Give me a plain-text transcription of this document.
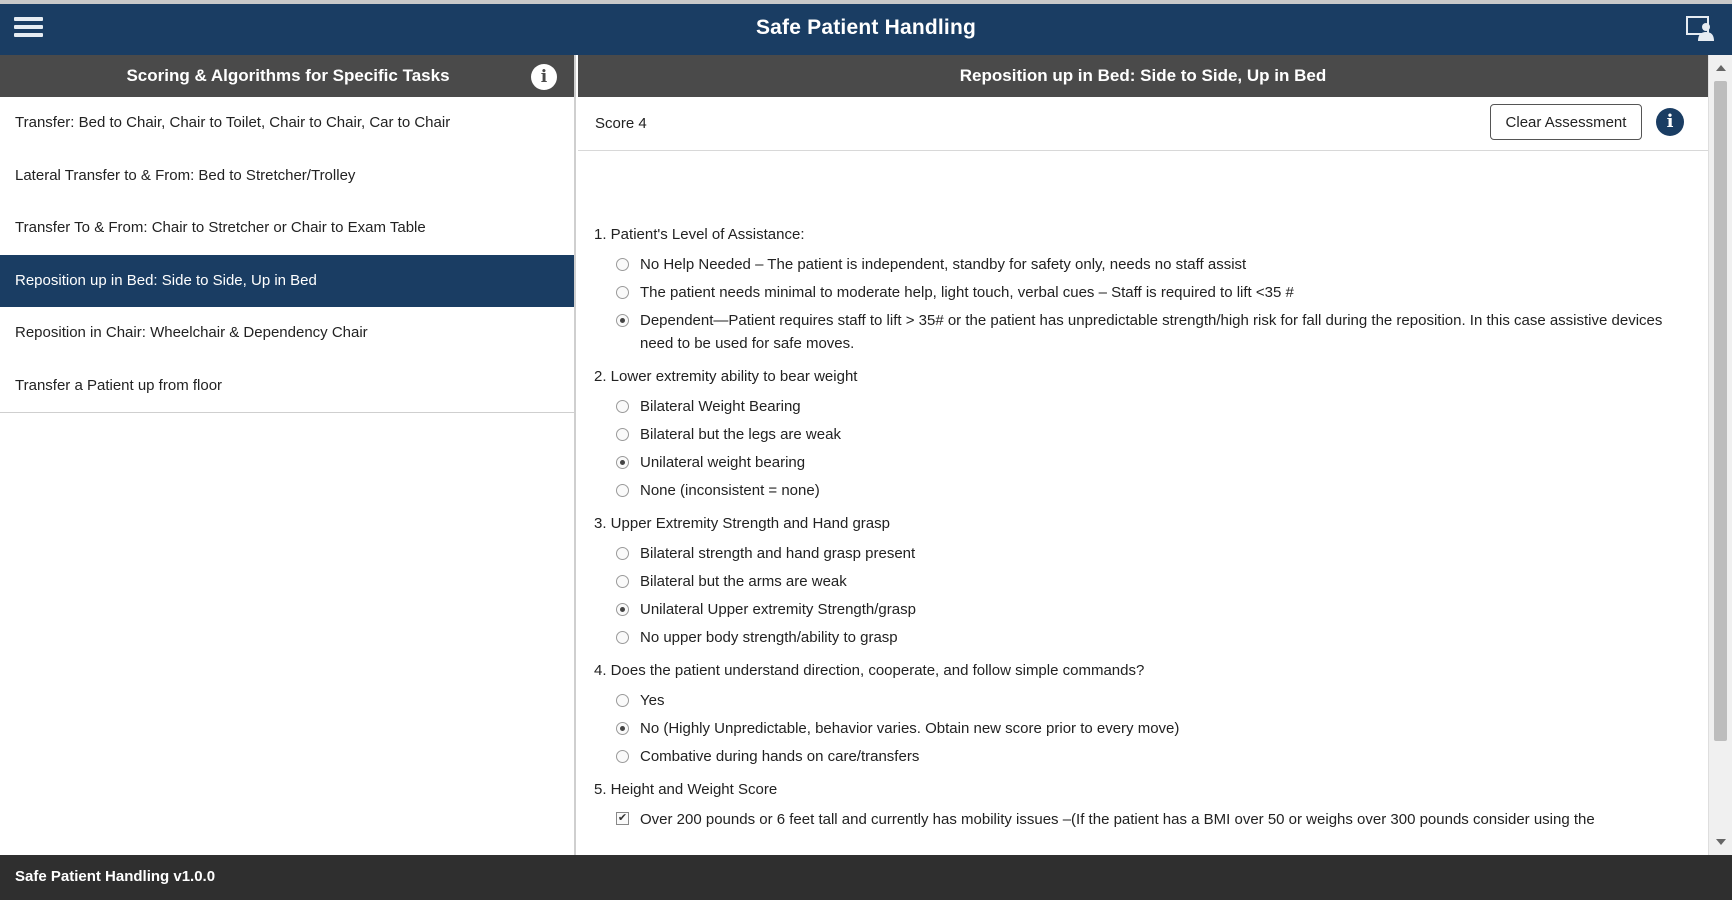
Safe Patient Handling
Scoring & Algorithms for Specific Tasks	i
Transfer: Bed to Chair, Chair to Toilet, Chair to Chair, Car to Chair
Lateral Transfer to & From: Bed to Stretcher/Trolley
Transfer To & From: Chair to Stretcher or Chair to Exam Table
Reposition up in Bed: Side to Side, Up in Bed
Reposition in Chair: Wheelchair & Dependency Chair
Transfer a Patient up from floor
Reposition up in Bed: Side to Side, Up in Bed
Score 4	Clear Assessment	i
1. Patient's Level of Assistance:
No Help Needed – The patient is independent, standby for safety only, needs no staff assist
The patient needs minimal to moderate help, light touch, verbal cues – Staff is required to lift <35 #
Dependent—Patient requires staff to lift > 35# or the patient has unpredictable strength/high risk for fall during the reposition. In this case assistive devices need to be used for safe moves.
2. Lower extremity ability to bear weight
Bilateral Weight Bearing
Bilateral but the legs are weak
Unilateral weight bearing
None (inconsistent = none)
3. Upper Extremity Strength and Hand grasp
Bilateral strength and hand grasp present
Bilateral but the arms are weak
Unilateral Upper extremity Strength/grasp
No upper body strength/ability to grasp
4. Does the patient understand direction, cooperate, and follow simple commands?
Yes
No (Highly Unpredictable, behavior varies. Obtain new score prior to every move)
Combative during hands on care/transfers
5. Height and Weight Score
✔ Over 200 pounds or 6 feet tall and currently has mobility issues –(If the patient has a BMI over 50 or weighs over 300 pounds consider using the
Safe Patient Handling v1.0.0
